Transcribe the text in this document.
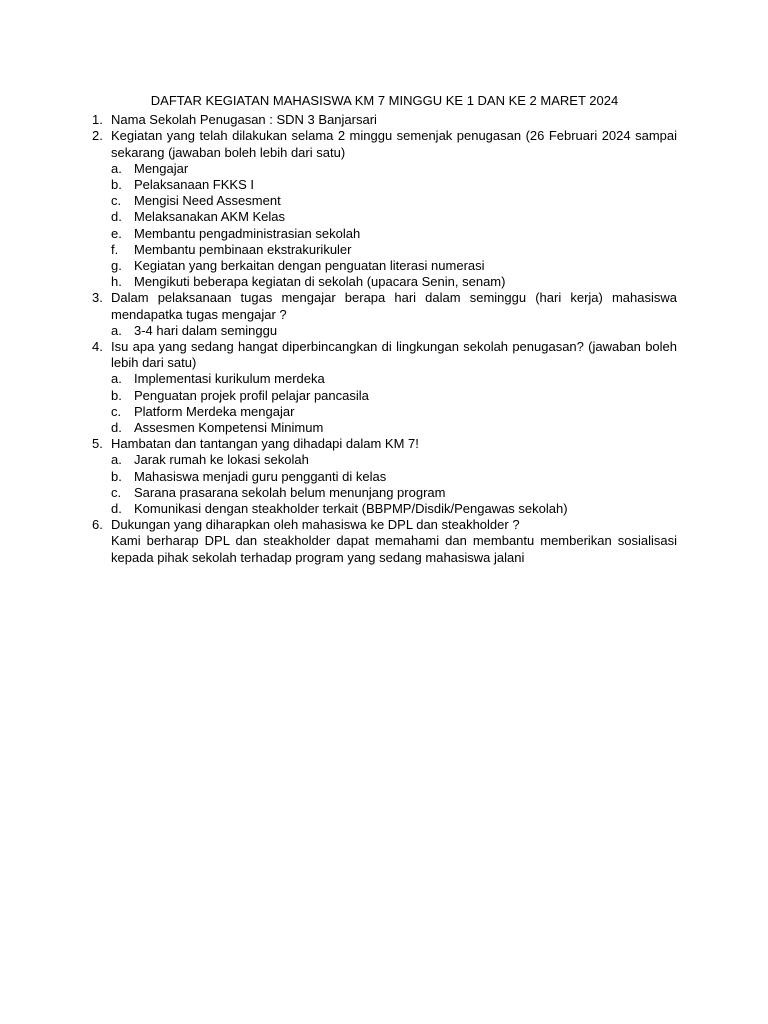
DAFTAR KEGIATAN MAHASISWA KM 7 MINGGU KE 1 DAN KE 2 MARET 2024
1. Nama Sekolah Penugasan : SDN 3 Banjarsari
2. Kegiatan yang telah dilakukan selama 2 minggu semenjak penugasan (26 Februari 2024 sampai sekarang (jawaban boleh lebih dari satu)
a. Mengajar
b. Pelaksanaan FKKS I
c. Mengisi Need Assesment
d. Melaksanakan AKM Kelas
e. Membantu pengadministrasian sekolah
f. Membantu pembinaan ekstrakurikuler
g. Kegiatan yang berkaitan dengan penguatan literasi numerasi
h. Mengikuti beberapa kegiatan di sekolah (upacara Senin, senam)
3. Dalam pelaksanaan tugas mengajar berapa hari dalam seminggu (hari kerja) mahasiswa mendapatka tugas mengajar ?
a. 3-4 hari dalam seminggu
4. Isu apa yang sedang hangat diperbincangkan di lingkungan sekolah penugasan? (jawaban boleh lebih dari satu)
a. Implementasi kurikulum merdeka
b. Penguatan projek profil pelajar pancasila
c. Platform Merdeka mengajar
d. Assesmen Kompetensi Minimum
5. Hambatan dan tantangan yang dihadapi dalam KM 7!
a. Jarak rumah ke lokasi sekolah
b. Mahasiswa menjadi guru pengganti di kelas
c. Sarana prasarana sekolah belum menunjang program
d. Komunikasi dengan steakholder terkait (BBPMP/Disdik/Pengawas sekolah)
6. Dukungan yang diharapkan oleh mahasiswa ke DPL dan steakholder ?
Kami berharap DPL dan steakholder dapat memahami dan membantu memberikan sosialisasi kepada pihak sekolah terhadap program yang sedang mahasiswa jalani
